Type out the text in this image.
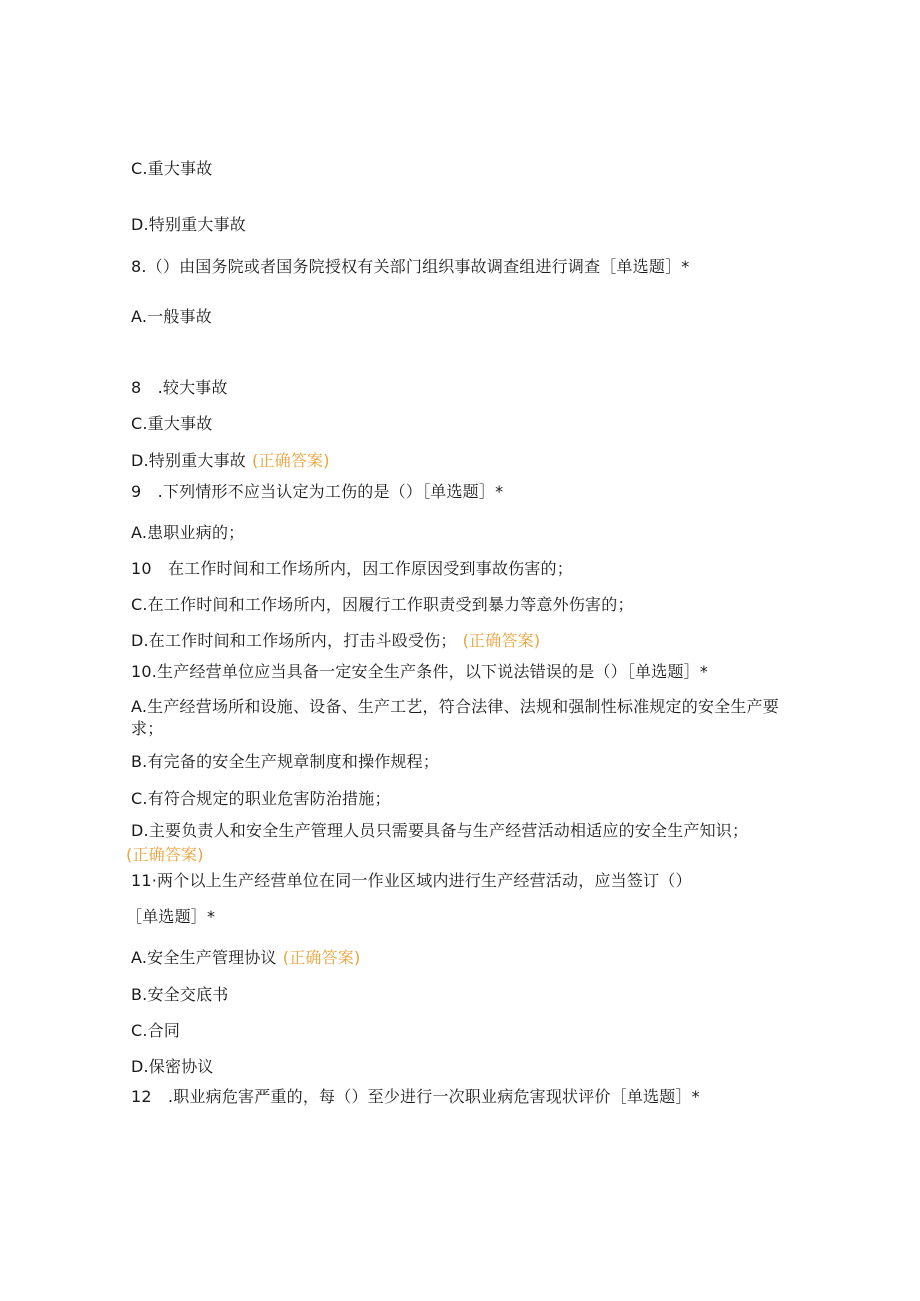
C.重大事故
D.特别重大事故
8.（）由国务院或者国务院授权有关部门组织事故调查组进行调查［单选题］*
A.一般事故
8　.较大事故
C.重大事故
D.特别重大事故 (正确答案)
9　.下列情形不应当认定为工伤的是（）［单选题］*
A.患职业病的；
10　在工作时间和工作场所内，因工作原因受到事故伤害的；
C.在工作时间和工作场所内，因履行工作职责受到暴力等意外伤害的；
D.在工作时间和工作场所内，打击斗殴受伤； (正确答案)
10.生产经营单位应当具备一定安全生产条件，以下说法错误的是（）［单选题］*
A.生产经营场所和设施、设备、生产工艺，符合法律、法规和强制性标准规定的安全生产要求；
B.有完备的安全生产规章制度和操作规程；
C.有符合规定的职业危害防治措施；
D.主要负责人和安全生产管理人员只需要具备与生产经营活动相适应的安全生产知识；
(正确答案)
11·两个以上生产经营单位在同一作业区域内进行生产经营活动，应当签订（）
［单选题］*
A.安全生产管理协议 (正确答案)
B.安全交底书
C.合同
D.保密协议
12　.职业病危害严重的，每（）至少进行一次职业病危害现状评价［单选题］*
